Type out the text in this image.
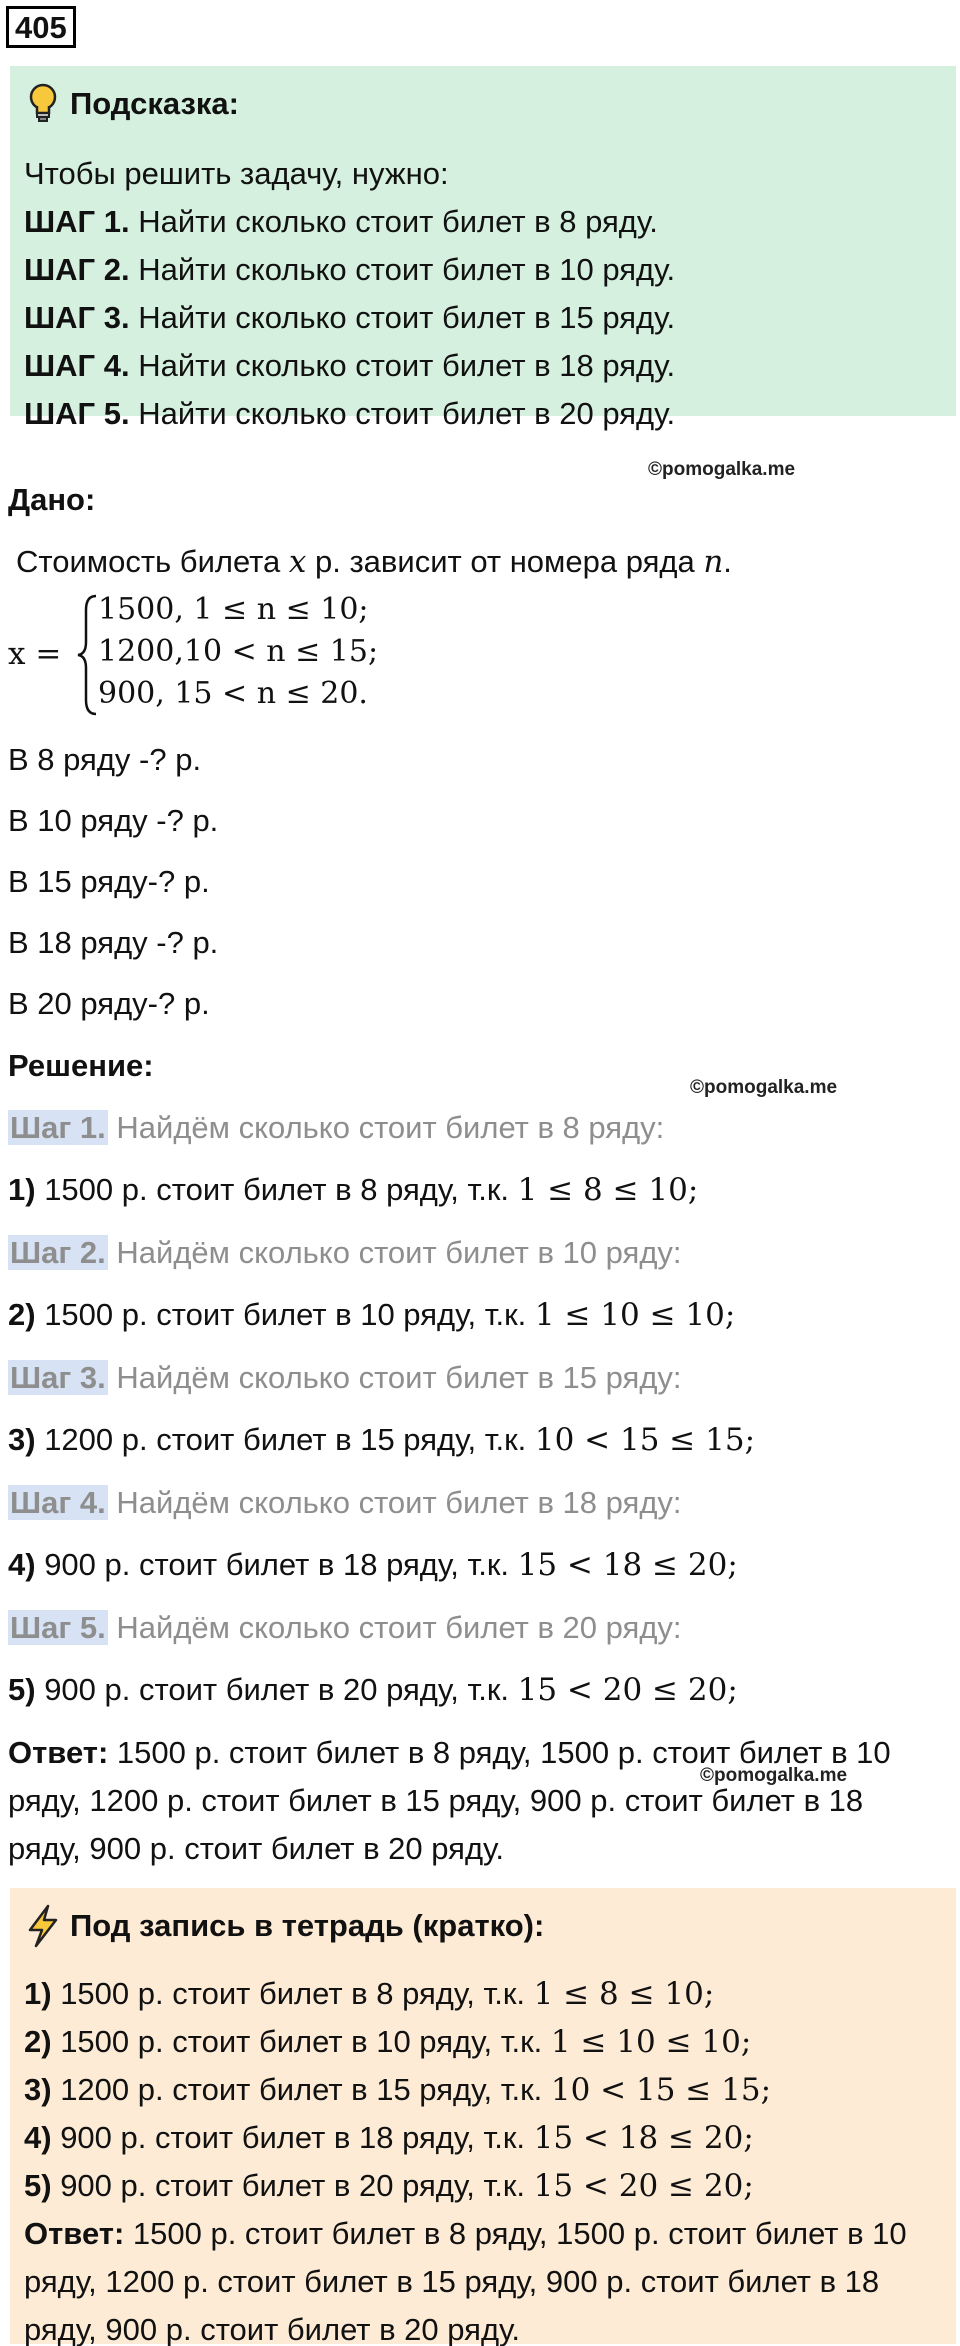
405
Подсказка:
Чтобы решить задачу, нужно:
ШАГ 1. Найти сколько стоит билет в 8 ряду.
ШАГ 2. Найти сколько стоит билет в 10 ряду.
ШАГ 3. Найти сколько стоит билет в 15 ряду.
ШАГ 4. Найти сколько стоит билет в 18 ряду.
ШАГ 5. Найти сколько стоит билет в 20 ряду.
©pomogalka.me
Дано:
Стоимость билета x р. зависит от номера ряда n.
x =
1500, 1 ≤ n ≤ 10;
1200,10 < n ≤ 15;
900, 15 < n ≤ 20.
В 8 ряду -? р.
В 10 ряду -? р.
В 15 ряду-? р.
В 18 ряду -? р.
В 20 ряду-? р.
Решение:
©pomogalka.me
Шаг 1. Найдём сколько стоит билет в 8 ряду:
1) 1500 р. стоит билет в 8 ряду, т.к. 1 ≤ 8 ≤ 10;
Шаг 2. Найдём сколько стоит билет в 10 ряду:
2) 1500 р. стоит билет в 10 ряду, т.к. 1 ≤ 10 ≤ 10;
Шаг 3. Найдём сколько стоит билет в 15 ряду:
3) 1200 р. стоит билет в 15 ряду, т.к. 10 < 15 ≤ 15;
Шаг 4. Найдём сколько стоит билет в 18 ряду:
4) 900 р. стоит билет в 18 ряду, т.к. 15 < 18 ≤ 20;
Шаг 5. Найдём сколько стоит билет в 20 ряду:
5) 900 р. стоит билет в 20 ряду, т.к. 15 < 20 ≤ 20;
Ответ: 1500 р. стоит билет в 8 ряду, 1500 р. стоит билет в 10
ряду, 1200 р. стоит билет в 15 ряду, 900 р. стоит билет в 18
ряду, 900 р. стоит билет в 20 ряду.
©pomogalka.me
Под запись в тетрадь (кратко):
1) 1500 р. стоит билет в 8 ряду, т.к. 1 ≤ 8 ≤ 10;
2) 1500 р. стоит билет в 10 ряду, т.к. 1 ≤ 10 ≤ 10;
3) 1200 р. стоит билет в 15 ряду, т.к. 10 < 15 ≤ 15;
4) 900 р. стоит билет в 18 ряду, т.к. 15 < 18 ≤ 20;
5) 900 р. стоит билет в 20 ряду, т.к. 15 < 20 ≤ 20;
Ответ: 1500 р. стоит билет в 8 ряду, 1500 р. стоит билет в 10
ряду, 1200 р. стоит билет в 15 ряду, 900 р. стоит билет в 18
ряду, 900 р. стоит билет в 20 ряду.
